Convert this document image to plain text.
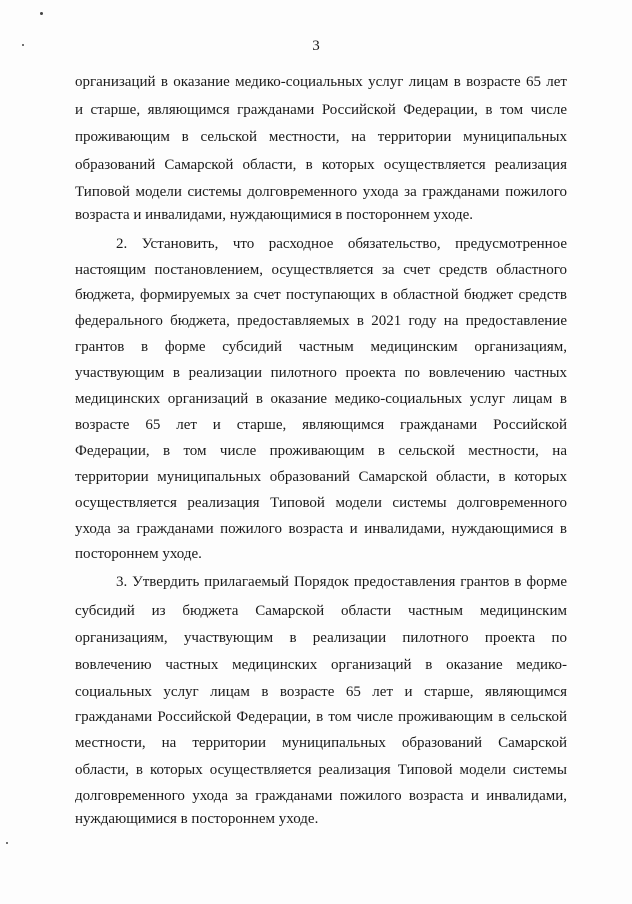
3
организаций в оказание медико-социальных услуг лицам в возрасте 65 лет
и старше, являющимся гражданами Российской Федерации, в том числе
проживающим в сельской местности, на территории муниципальных
образований Самарской области, в которых осуществляется реализация
Типовой модели системы долговременного ухода за гражданами пожилого
возраста и инвалидами, нуждающимися в постороннем уходе.
2. Установить, что расходное обязательство, предусмотренное
настоящим постановлением, осуществляется за счет средств областного
бюджета, формируемых за счет поступающих в областной бюджет средств
федерального бюджета, предоставляемых в 2021 году на предоставление
грантов в форме субсидий частным медицинским организациям,
участвующим в реализации пилотного проекта по вовлечению частных
медицинских организаций в оказание медико-социальных услуг лицам в
возрасте 65 лет и старше, являющимся гражданами Российской
Федерации, в том числе проживающим в сельской местности, на
территории муниципальных образований Самарской области, в которых
осуществляется реализация Типовой модели системы долговременного
ухода за гражданами пожилого возраста и инвалидами, нуждающимися в
постороннем уходе.
3. Утвердить прилагаемый Порядок предоставления грантов в форме
субсидий из бюджета Самарской области частным медицинским
организациям, участвующим в реализации пилотного проекта по
вовлечению частных медицинских организаций в оказание медико-
социальных услуг лицам в возрасте 65 лет и старше, являющимся
гражданами Российской Федерации, в том числе проживающим в сельской
местности, на территории муниципальных образований Самарской
области, в которых осуществляется реализация Типовой модели системы
долговременного ухода за гражданами пожилого возраста и инвалидами,
нуждающимися в постороннем уходе.
